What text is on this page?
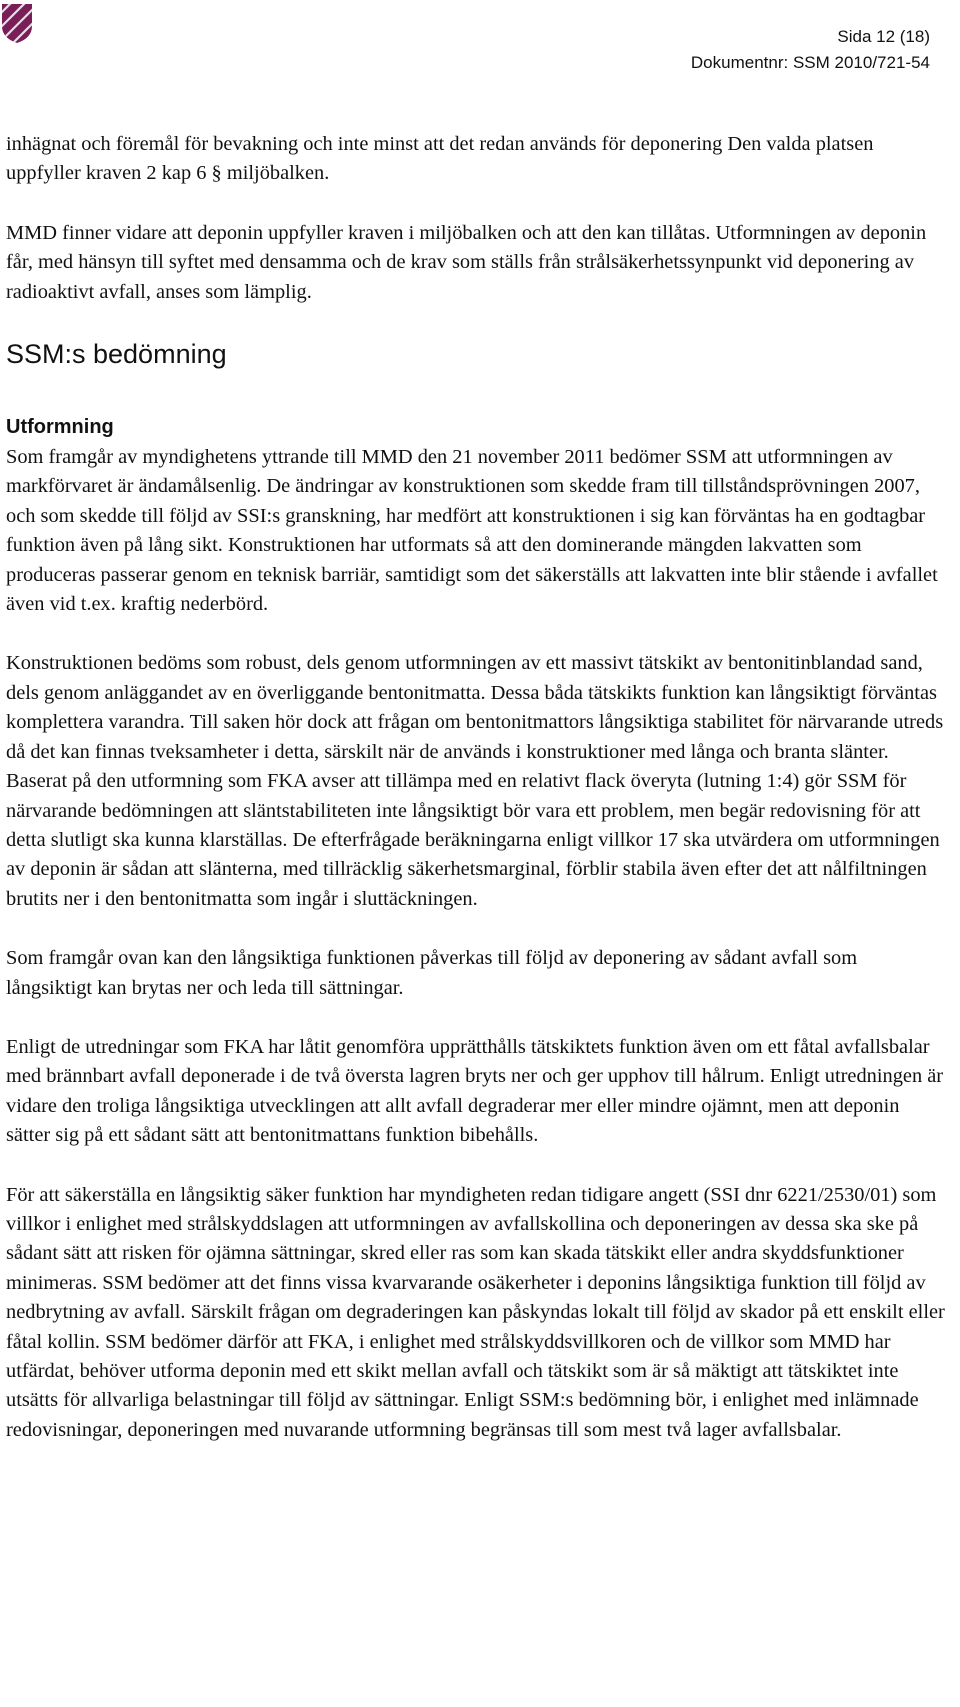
Sida 12 (18)
Dokumentnr: SSM 2010/721-54

inhägnat och föremål för bevakning och inte minst att det redan används för deponering Den valda platsen uppfyller kraven 2 kap 6 § miljöbalken.

MMD finner vidare att deponin uppfyller kraven i miljöbalken och att den kan tillåtas. Utformningen av deponin får, med hänsyn till syftet med densamma och de krav som ställs från strålsäkerhetssynpunkt vid deponering av radioaktivt avfall, anses som lämplig.

SSM:s bedömning
Utformning

Som framgår av myndighetens yttrande till MMD den 21 november 2011 bedömer SSM att utformningen av markförvaret är ändamålsenlig. De ändringar av konstruktionen som skedde fram till tillståndsprövningen 2007, och som skedde till följd av SSI:s granskning, har medfört att konstruktionen i sig kan förväntas ha en godtagbar funktion även på lång sikt. Konstruktionen har utformats så att den dominerande mängden lakvatten som produceras passerar genom en teknisk barriär, samtidigt som det säkerställs att lakvatten inte blir stående i avfallet även vid t.ex. kraftig nederbörd.

Konstruktionen bedöms som robust, dels genom utformningen av ett massivt tätskikt av bentonitinblandad sand, dels genom anläggandet av en överliggande bentonitmatta. Dessa båda tätskikts funktion kan långsiktigt förväntas komplettera varandra. Till saken hör dock att frågan om bentonitmattors långsiktiga stabilitet för närvarande utreds då det kan finnas tveksamheter i detta, särskilt när de används i konstruktioner med långa och branta slänter. Baserat på den utformning som FKA avser att tillämpa med en relativt flack överyta (lutning 1:4) gör SSM för närvarande bedömningen att släntstabiliteten inte långsiktigt bör vara ett problem, men begär redovisning för att detta slutligt ska kunna klarställas. De efterfrågade beräkningarna enligt villkor 17 ska utvärdera om utformningen av deponin är sådan att slänterna, med tillräcklig säkerhetsmarginal, förblir stabila även efter det att nålfiltningen brutits ner i den bentonitmatta som ingår i sluttäckningen.

Som framgår ovan kan den långsiktiga funktionen påverkas till följd av deponering av sådant avfall som långsiktigt kan brytas ner och leda till sättningar.

Enligt de utredningar som FKA har låtit genomföra upprätthålls tätskiktets funktion även om ett fåtal avfallsbalar med brännbart avfall deponerade i de två översta lagren bryts ner och ger upphov till hålrum. Enligt utredningen är vidare den troliga långsiktiga utvecklingen att allt avfall degraderar mer eller mindre ojämnt, men att deponin sätter sig på ett sådant sätt att bentonitmattans funktion bibehålls.

För att säkerställa en långsiktig säker funktion har myndigheten redan tidigare angett (SSI dnr 6221/2530/01) som villkor i enlighet med strålskyddslagen att utformningen av avfallskollina och deponeringen av dessa ska ske på sådant sätt att risken för ojämna sättningar, skred eller ras som kan skada tätskikt eller andra skyddsfunktioner minimeras. SSM bedömer att det finns vissa kvarvarande osäkerheter i deponins långsiktiga funktion till följd av nedbrytning av avfall. Särskilt frågan om degraderingen kan påskyndas lokalt till följd av skador på ett enskilt eller fåtal kollin. SSM bedömer därför att FKA, i enlighet med strålskyddsvillkoren och de villkor som MMD har utfärdat, behöver utforma deponin med ett skikt mellan avfall och tätskikt som är så mäktigt att tätskiktet inte utsätts för allvarliga belastningar till följd av sättningar. Enligt SSM:s bedömning bör, i enlighet med inlämnade redovisningar, deponeringen med nuvarande utformning begränsas till som mest två lager avfallsbalar.
